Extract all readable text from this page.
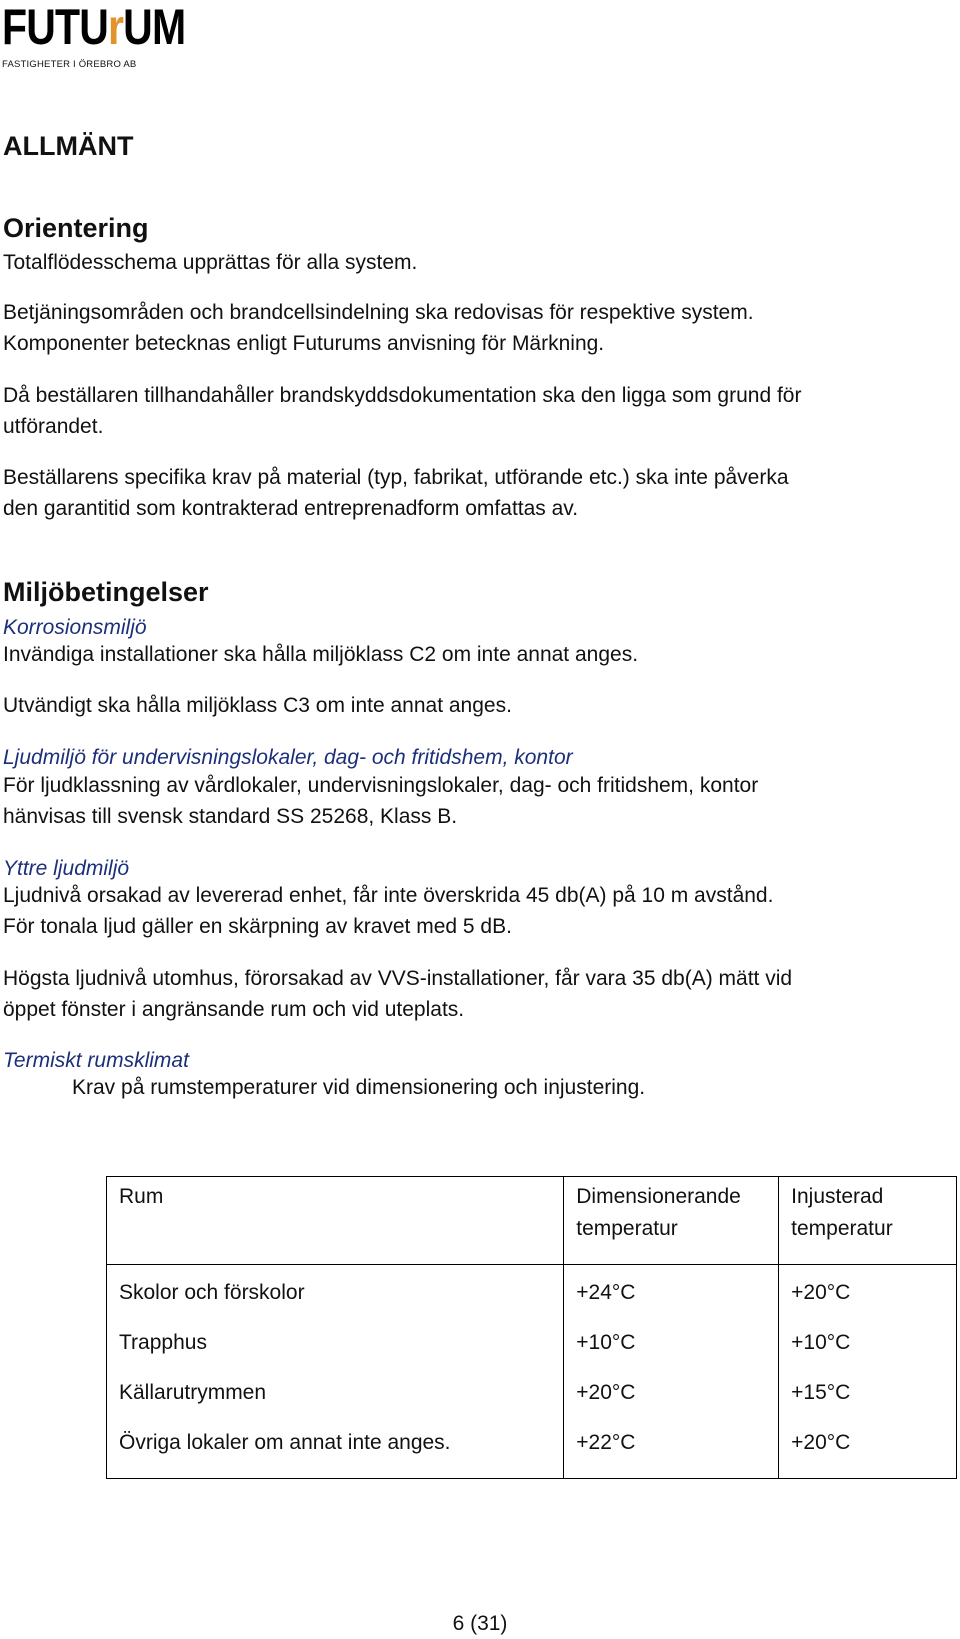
FUTUrUM
FASTIGHETER I ÖREBRO AB
ALLMÄNT
Orientering

Totalflödesschema upprättas för alla system.

Betjäningsområden och brandcellsindelning ska redovisas för respektive system.

Komponenter betecknas enligt Futurums anvisning för Märkning.

Då beställaren tillhandahåller brandskyddsdokumentation ska den ligga som grund för

utförandet.

Beställarens specifika krav på material (typ, fabrikat, utförande etc.) ska inte påverka

den garantitid som kontrakterad entreprenadform omfattas av.

Miljöbetingelser

Korrosionsmiljö

Invändiga installationer ska hålla miljöklass C2 om inte annat anges.

Utvändigt ska hålla miljöklass C3 om inte annat anges.

Ljudmiljö för undervisningslokaler, dag- och fritidshem, kontor

För ljudklassning av vårdlokaler, undervisningslokaler, dag- och fritidshem, kontor

hänvisas till svensk standard SS 25268, Klass B.

Yttre ljudmiljö

Ljudnivå orsakad av levererad enhet, får inte överskrida 45 db(A) på 10 m avstånd.

För tonala ljud gäller en skärpning av kravet med 5 dB.

Högsta ljudnivå utomhus, förorsakad av VVS-installationer, får vara 35 db(A) mätt vid

öppet fönster i angränsande rum och vid uteplats.

Termiskt rumsklimat

Krav på rumstemperaturer vid dimensionering och injustering.

Rum	Dimensionerande temperatur	Injusterad temperatur
Skolor och förskolor	+24°C	+20°C
Trapphus	+10°C	+10°C
Källarutrymmen	+20°C	+15°C
Övriga lokaler om annat inte anges.	+22°C	+20°C
6 (31)
